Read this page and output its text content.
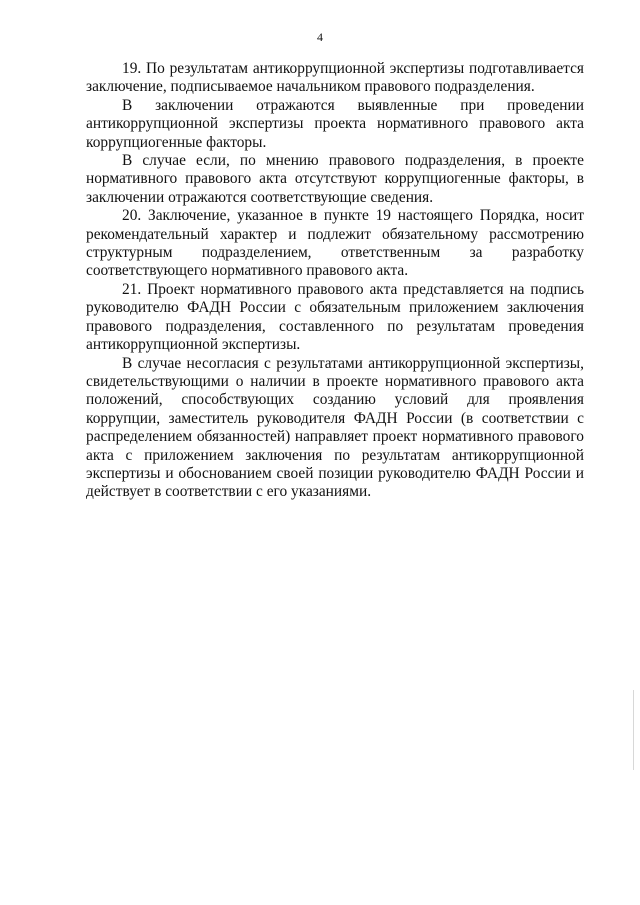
4

19. По результатам антикоррупционной экспертизы подготавливается заключение, подписываемое начальником правового подразделения.

В заключении отражаются выявленные при проведении антикоррупционной экспертизы проекта нормативного правового акта коррупциогенные факторы.

В случае если, по мнению правового подразделения, в проекте нормативного правового акта отсутствуют коррупциогенные факторы, в заключении отражаются соответствующие сведения.

20. Заключение, указанное в пункте 19 настоящего Порядка, носит рекомендательный характер и подлежит обязательному рассмотрению структурным подразделением, ответственным за разработку соответствующего нормативного правового акта.

21. Проект нормативного правового акта представляется на подпись руководителю ФАДН России с обязательным приложением заключения правового подразделения, составленного по результатам проведения антикоррупционной экспертизы.

В случае несогласия с результатами антикоррупционной экспертизы, свидетельствующими о наличии в проекте нормативного правового акта положений, способствующих созданию условий для проявления коррупции, заместитель руководителя ФАДН России (в соответствии с распределением обязанностей) направляет проект нормативного правового акта с приложением заключения по результатам антикоррупционной экспертизы и обоснованием своей позиции руководителю ФАДН России и действует в соответствии с его указаниями.
